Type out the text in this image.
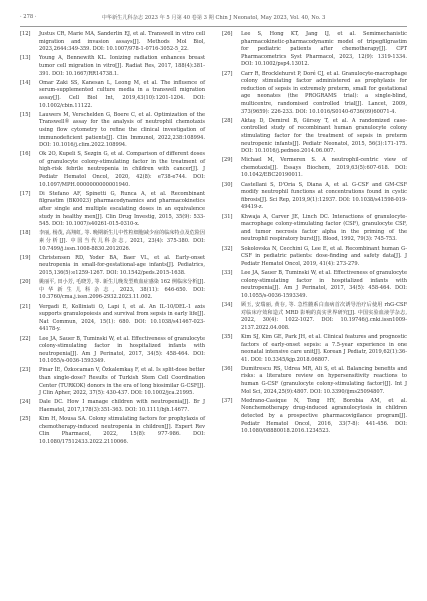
· 278 ·	中华新生儿科杂志 2023 年 5 月第 40 卷第 3 期 Chin J Neonatol, May 2023, Vol. 40, No. 3
[12] Justus CR, Marie MA, Sanderlin EJ, et al. Transwell in vitro cell migration and invasion assays[J]. Methods Mol Biol, 2023,2644:349-359. DOI: 10.1007/978-1-0716-3052-5_22.
[13] Young A, Bennewith KL. Ionizing radiation enhances breast tumor cell migration in vitro[J]. Radiat Res, 2017, 188(4):381-391. DOI: 10.1667/RR14738.1.
[14] Omar Zaki SS, Kanesan L, Leong M, et al. The influence of serum-supplemented culture media in a transwell migration assay[J]. Cell Biol Int, 2019,43(10):1201-1204. DOI: 10.1002/cbin.11122.
[15] Lauwers M, Verschelden G, Boere C, et al. Optimization of the Transwell® assay for the analysis of neutrophil chemotaxis using flow cytometry to refine the clinical investigation of immunodeficient patients[J]. Clin Immunol, 2022,238:108994. DOI: 10.1016/j.clim.2022.108994.
[16] Ok 2O, Kupeli S, Sezgin G, et al. Comparison of different doses of granulocyte colony-stimulating factor in the treatment of high-risk febrile neutropenia in children with cancer[J]. J Pediatr Hematol Oncol, 2020, 42(8): e738-e744. DOI: 10.1097/MPH.0000000000001940.
[17] Di Stefano AF, Spinetti G, Runca A, et al. Recombinant filgrastim (BK0023) pharmacodynamics and pharmacokinetics after single and multiple escalating doses in an equivalence study in healthy men[J]. Clin Drug Investig, 2015, 35(9): 533-545. DOI: 10.1007/s40261-015-0310-x.
[18] 李丽, 杨茂, 高翔虹, 等. 晚期新生儿中性粒细胞减少症的临床特点及危险因素分析[J]. 中国当代儿科杂志, 2021, 23(4): 375-380. DOI: 10.7499/j.issn.1008-8830.2012026.
[19] Christensen RD, Yoder BA, Baer VL, et al. Early-onset neutropenia in small-for-gestational-age infants[J]. Pediatrics, 2015,136(5):e1259-1267. DOI: 10.1542/peds.2015-1638.
[20] 姚丽平, 田小芳, 毛晓芳, 等. 新生儿晚发型败血症感染 162 例临床分析[J]. 中华新生儿科杂志, 2023, 38(11): 646-650. DOI: 10.3760/cma.j.issn.2096-2932.2023.11.002.
[21] Vergadi E, Kolliniati O, Lapi I, et al. An IL-10/DEL-1 axis supports granulopoiesis and survival from sepsis in early life[J]. Nat Commun, 2024, 15(1): 680. DOI: 10.1038/s41467-023-44178-y.
[22] Lee JA, Sauer B, Tuminski W, et al. Effectiveness of granulocyte colony-stimulating factor in hospitalized infants with neutropenia[J]. Am J Perinatol, 2017, 34(5): 458-464. DOI: 10.1055/s-0036-1593349.
[23] Pinar İE, Özkocaman V, Özkalemkaş F, et al. Is split-dose better than single-dose? Results of Turkish Stem Cell Coordination Center (TURKOK) donors in the era of long biosimilar G-CSF[J]. J Clin Apher, 2022, 37(5): 430-437. DOI: 10.1002/jca.21995.
[24] Dale DC. How I manage children with neutropenia[J]. Br J Haematol, 2017,178(3):351-363. DOI: 10.1111/bjh.14677.
[25] Kim H, Mousa SA. Colony stimulating factors for prophylaxis of chemotherapy-induced neutropenia in children[J]. Expert Rev Clin Pharmacol, 2022, 15(8): 977-986. DOI: 10.1080/17512433.2022.2110066.
[26] Lee S, Hong KT, Jang IJ, et al. Semimechanistic pharmacokinetic-pharmacodynamic model of tripegfilgrastim for pediatric patients after chemotherapy[J]. CPT Pharmacometrics Syst Pharmacol, 2023, 12(9): 1319-1334. DOI: 10.1002/psp4.13012.
[27] Carr R, Brocklehurst P, Doré CJ, et al. Granulocyte-macrophage colony stimulating factor administered as prophylaxis for reduction of sepsis in extremely preterm, small for gestational age neonates (the PROGRAMS trial): a single-blind, multicentre, randomised controlled trial[J]. Lancet, 2009, 373(9659): 226-233. DOI: 10.1016/S0140-6736(09)60071-4.
[28] Aktaş D, Demirel B, Gürsoy T, et al. A randomized case-controlled study of recombinant human granulocyte colony stimulating factor for the treatment of sepsis in preterm neutropenic infants[J]. Pediatr Neonatol, 2015, 56(3):171-175. DOI: 10.1016/j.pedneo.2014.06.007.
[29] Michael M, Vermeren S. A neutrophil-centric view of chemotaxis[J]. Essays Biochem, 2019,63(5):607-618. DOI: 10.1042/EBC20190011.
[30] Castellani S, D'Oria S, Diana A, et al. G-CSF and GM-CSF modify neutrophil functions at concentrations found in cystic fibrosis[J]. Sci Rep, 2019,9(1):12937. DOI: 10.1038/s41598-019-49419-z.
[31] Khwaja A, Carver JE, Linch DC. Interactions of granulocyte-macrophage colony-stimulating factor (CSF), granulocyte CSF, and tumor necrosis factor alpha in the priming of the neutrophil respiratory burst[J]. Blood, 1992, 79(3): 745-753.
[32] Sokolovska N, Cecchini G, Lee E, et al. Recombinant human G-CSF in pediatric patients: dose-finding and safety data[J]. J Pediatr Hematol Oncol, 2019, 41(4): 273-279.
[33] Lee JA, Sauer B, Tuminski W, et al. Effectiveness of granulocyte colony-stimulating factor in hospitalized infants with neutropenia[J]. Am J Perinatol, 2017, 34(5): 458-464. DOI: 10.1055/s-0036-1593349.
[34] 顾玉, 安瑞丽, 黄存, 等. 急性髓系白血病首次诱导治疗后使用 rhG-CSF 对临床疗效和造式 MRD 影响的真实世界研究[J]. 中国实验血液学杂志, 2022, 30(4): 1022-1027. DOI: 10.19746/j.cnki.issn1009-2137.2022.04.008.
[35] Kim SJ, Kim GE, Park JH, et al. Clinical features and prognostic factors of early-onset sepsis: a 7.5-year experience in one neonatal intensive care unit[J]. Korean J Pediatr, 2019,62(1):36-41. DOI: 10.3345/kjp.2018.06807.
[36] Dumitrescu RS, Udrea MR, Ali S, et al. Balancing benefits and risks: a literature review on hypersensitivity reactions to human G-CSF (granulocyte colony-stimulating factor)[J]. Int J Mol Sci, 2024,25(9):4807. DOI: 10.3390/ijms25094807.
[37] Medrano-Casique N, Tong HY, Borobia AM, et al. Nonchemotherapy drug-induced agranulocytosis in children detected by a prospective pharmacovigilance program[J]. Pediatr Hematol Oncol, 2016, 33(7-8): 441-456. DOI: 10.1080/08880018.2016.1234523.
